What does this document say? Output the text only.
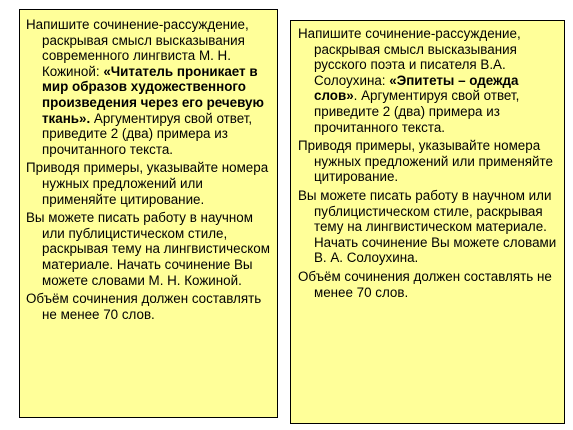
Напишите сочинение-рассуждение,
раскрывая смысл высказывания современного лингвиста М. Н. Кожиной: «Читатель проникает в мир образов художественного произведения через его речевую ткань». Аргументируя свой ответ, приведите 2 (два) примера из прочитанного текста.

Приводя примеры, указывайте номера нужных предложений или применяйте цитирование.

Вы можете писать работу в научном или публицистическом стиле, раскрывая тему на лингвистическом материале. Начать сочинение Вы можете словами М. Н. Кожиной.

Объём сочинения должен составлять не менее 70 слов.

Напишите сочинение-рассуждение,
раскрывая смысл высказывания русского поэта и писателя В.А. Солоухина: «Эпитеты – одежда слов». Аргументируя свой ответ, приведите 2 (два) примера из прочитанного текста.

Приводя примеры, указывайте номера нужных предложений или применяйте цитирование.

Вы можете писать работу в научном или публицистическом стиле, раскрывая тему на лингвистическом материале. Начать сочинение Вы можете словами В. А. Солоухина.

Объём сочинения должен составлять не менее 70 слов.
